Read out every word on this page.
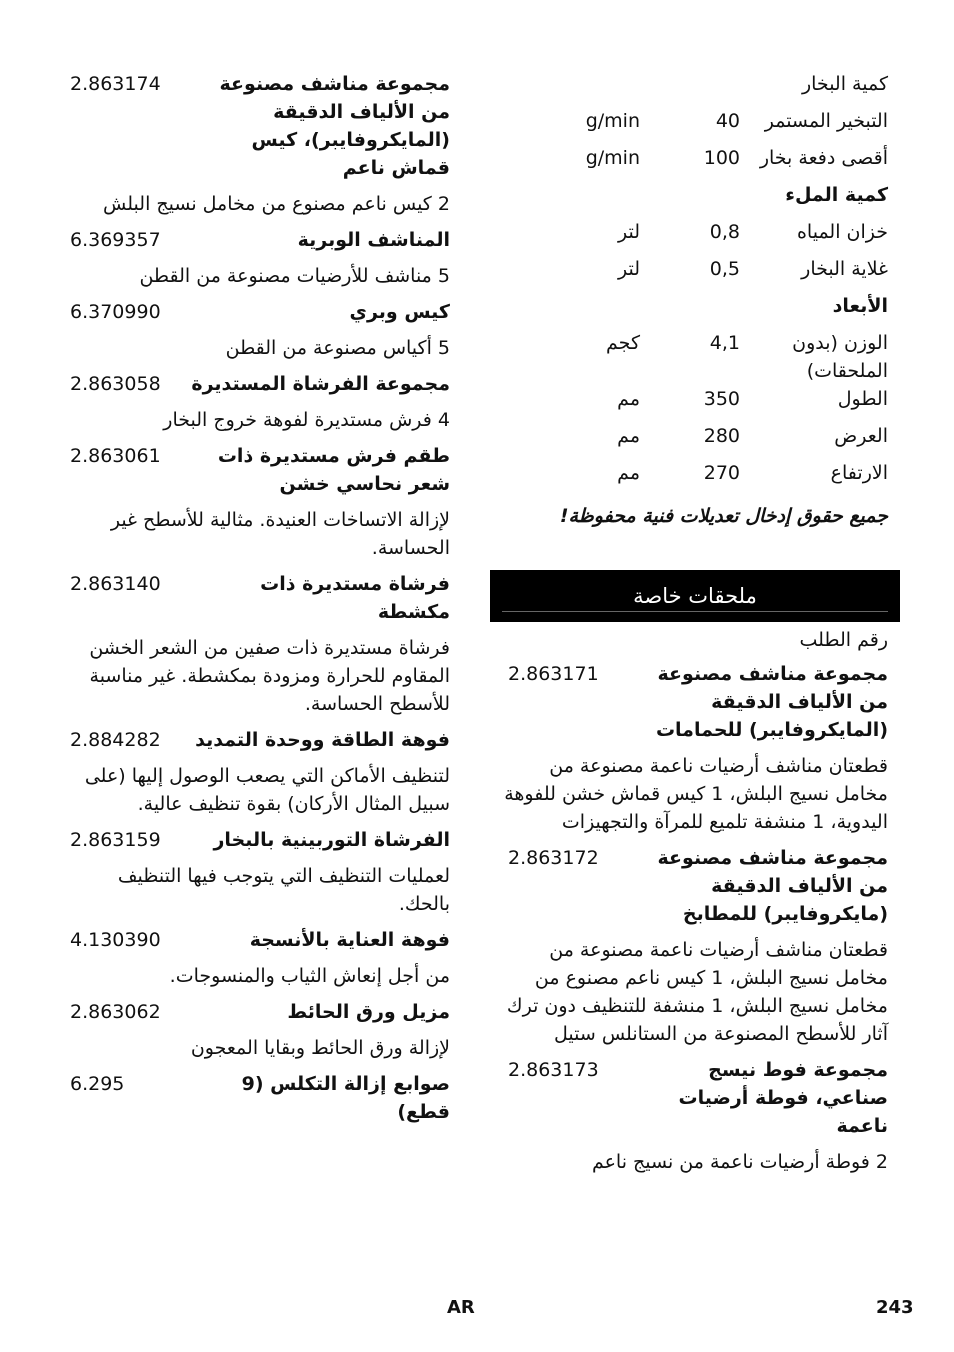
كمية البخار
التبخير المستمر
40
g/min
أقصى دفعة بخار
100
g/min
كمية الملء
خزان المياه
0,8
لتر
غلاية البخار
0,5
لتر
الأبعاد
الوزن (بدون الملحقات)
4,1
كجم
الطول
350
مم
العرض
280
مم
الارتفاع
270
مم
جميع حقوق إدخال تعديلات فنية محفوظة!
ملحقات خاصة
رقم الطلب
مجموعة مناشف مصنوعة من الألياف الدقيقة (المايكروفايبر) للحمامات
2.863171
قطعتان مناشف أرضيات ناعمة مصنوعة من مخامل نسيج البلش، 1 كيس قماش خشن للفوهة اليدوية، 1 منشفة تلميع للمرآة والتجهيزات
مجموعة مناشف مصنوعة من الألياف الدقيقة (مايكروفايبر) للمطابخ
2.863172
قطعتان مناشف أرضيات ناعمة مصنوعة من مخامل نسيج البلش، 1 كيس ناعم مصنوع من مخامل نسيج البلش، 1 منشفة للتنظيف دون ترك آثار للأسطح المصنوعة من الستانلس ستيل
مجموعة فوط نيسج صناعي، فوطة أرضيات ناعمة
2.863173
2 فوطة أرضيات ناعمة من نسيج ناعم
مجموعة مناشف مصنوعة من الألياف الدقيقة (المايكروفايبر)، كيس قماش ناعم
2.863174
2 كيس ناعم مصنوع من مخامل نسيج البلش
المناشف الوبرية
6.369357
5 مناشف للأرضيات مصنوعة من القطن
كيس وبري
6.370990
5 أكياس مصنوعة من القطن
مجموعة الفرشاة المستديرة
2.863058
4 فرش مستديرة لفوهة خروج البخار
طقم فرش مستديرة ذات شعر نحاسي خشن
2.863061
لإزالة الاتساخات العنيدة. مثالية للأسطح غير الحساسة.
فرشاة مستديرة ذات مكشطة
2.863140
فرشاة مستديرة ذات صفين من الشعر الخشن المقاوم للحرارة ومزودة بمكشطة. غير مناسبة للأسطح الحساسة.
فوهة الطاقة ووحدة التمديد
2.884282
لتنظيف الأماكن التي يصعب الوصول إليها (على سبيل المثال الأركان) بقوة تنظيف عالية.
الفرشاة التوربينية بالبخار
2.863159
لعمليات التنظيف التي يتوجب فيها التنظيف بالحك.
فوهة العناية بالأنسجة
4.130390
من أجل إنعاش الثياب والمنسوجات.
مزيل ورق الحائط
2.863062
لإزالة ورق الحائط وبقايا المعجون
صوابع إزالة التكلس (9 قطع)
6.295
AR	243
